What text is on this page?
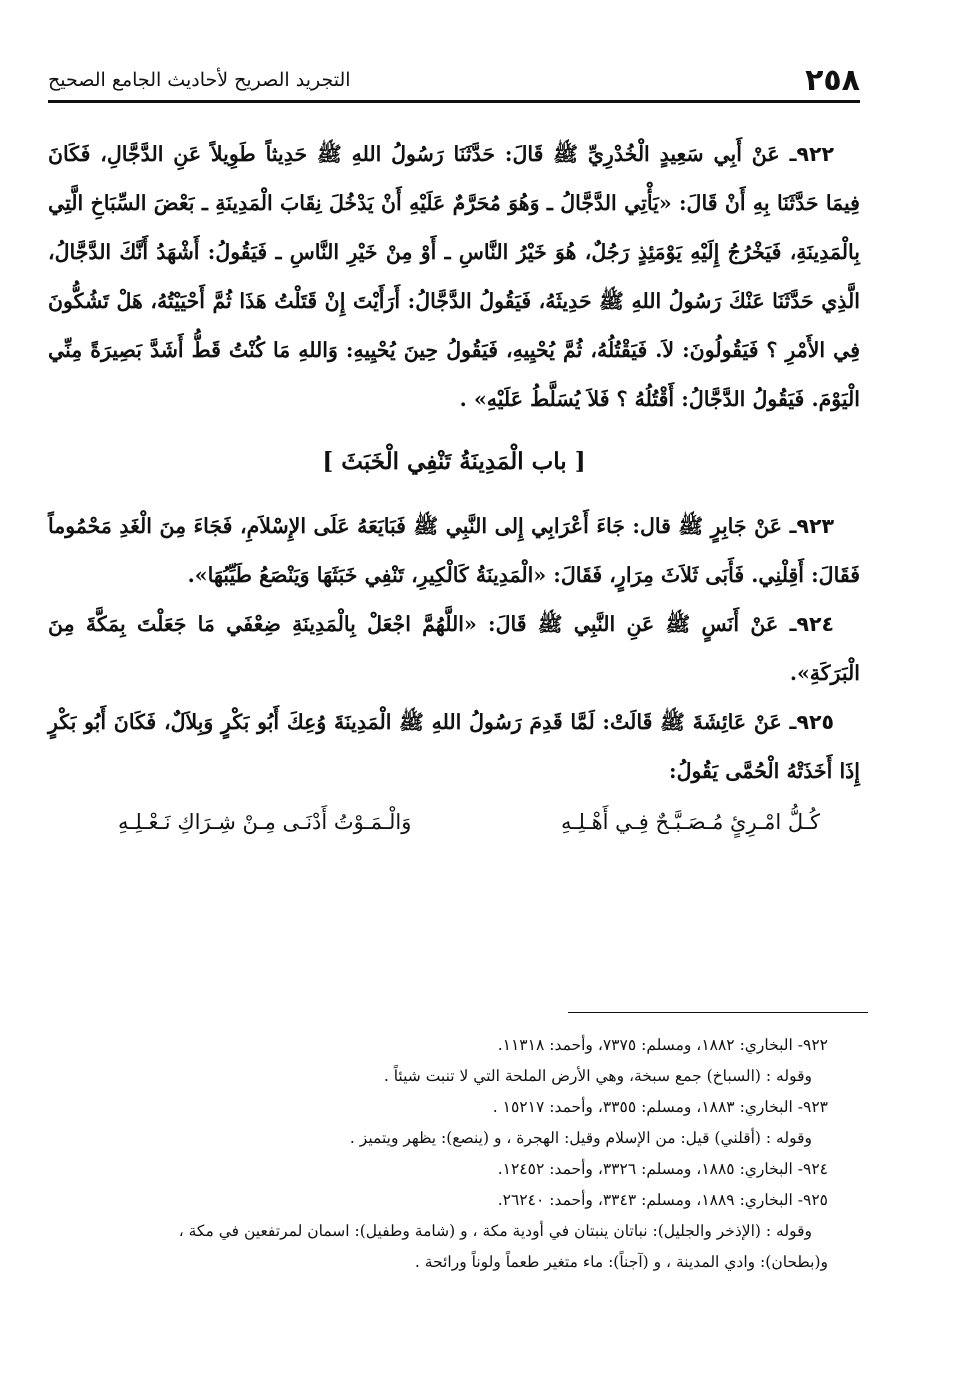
٢٥٨
التجريد الصريح لأحاديث الجامع الصحيح

٩٢٢ـ عَنْ أَبِي سَعِيدٍ الْخُدْرِيِّ ﷺ قَالَ: حَدَّثَنَا رَسُولُ اللهِ ﷺ حَدِيثاً طَوِيلاً عَنِ الدَّجَّالِ، فَكَانَ فِيمَا حَدَّثَنَا بِهِ أَنْ قَالَ: «يَأْتِي الدَّجَّالُ ـ وَهُوَ مُحَرَّمٌ عَلَيْهِ أَنْ يَدْخُلَ نِقَابَ الْمَدِينَةِ ـ بَعْضَ السِّبَاخِ الَّتِي بِالْمَدِينَةِ، فَيَخْرُجُ إِلَيْهِ يَوْمَئِذٍ رَجُلٌ، هُوَ خَيْرُ النَّاسِ ـ أَوْ مِنْ خَيْرِ النَّاسِ ـ فَيَقُولُ: أَشْهَدُ أَنَّكَ الدَّجَّالُ، الَّذِي حَدَّثَنَا عَنْكَ رَسُولُ اللهِ ﷺ حَدِيثَهُ، فَيَقُولُ الدَّجَّالُ: أَرَأَيْتَ إِنْ قَتَلْتُ هَذَا ثُمَّ أَحْيَيْتُهُ، هَلْ تَشُكُّونَ فِي الأَمْرِ ؟ فَيَقُولُونَ: لاَ. فَيَقْتُلُهُ، ثُمَّ يُحْيِيهِ، فَيَقُولُ حِينَ يُحْيِيهِ: وَاللهِ مَا كُنْتُ قَطُّ أَشَدَّ بَصِيرَةً مِنِّي الْيَوْمَ. فَيَقُولُ الدَّجَّالُ: أَقْتُلُهُ ؟ فَلاَ يُسَلَّطُ عَلَيْهِ» .

[ باب الْمَدِينَةُ تَنْفِي الْخَبَثَ ]

٩٢٣ـ عَنْ جَابِرٍ ﷺ قال: جَاءَ أَعْرَابِي إِلى النَّبِي ﷺ فَبَايَعَهُ عَلَى الإِسْلاَمِ، فَجَاءَ مِنَ الْغَدِ مَحْمُوماً فَقَالَ: أَقِلْنِي. فَأَبَى ثَلاَثَ مِرَارٍ، فَقَالَ: «الْمَدِينَةُ كَالْكِيرِ، تَنْفِي خَبَثَهَا وَيَنْصَعُ طَيِّبُهَا».

٩٢٤ـ عَنْ أَنَسٍ ﷺ عَنِ النَّبِي ﷺ قَالَ: «اللَّهُمَّ اجْعَلْ بِالْمَدِينَةِ ضِعْفَي مَا جَعَلْتَ بِمَكَّةَ مِنَ الْبَرَكَةِ».

٩٢٥ـ عَنْ عَائِشَةَ ﷺ قَالَتْ: لَمَّا قَدِمَ رَسُولُ اللهِ ﷺ الْمَدِينَةَ وُعِكَ أَبُو بَكْرٍ وَبِلاَلٌ، فَكَانَ أَبُو بَكْرٍ إِذَا أَخَذَتْهُ الْحُمَّى يَقُولُ:

كُـلُّ امْـرِئٍ مُـصَـبَّـحٌ فِـي أَهْـلِـهِ
وَالْـمَـوْتُ أَدْنَـى مِـنْ شِـرَاكِ نَـعْـلِـهِ

٩٢٢- البخاري: ١٨٨٢، ومسلم: ٧٣٧٥، وأحمد: ١١٣١٨.

وقوله : (السباخ) جمع سبخة، وهي الأرض الملحة التي لا تنبت شيئاً .

٩٢٣- البخاري: ١٨٨٣، ومسلم: ٣٣٥٥، وأحمد: ١٥٢١٧ .

وقوله : (أقلني) قيل: من الإسلام وقيل: الهجرة ، و (ينصع): يظهر ويتميز .

٩٢٤- البخاري: ١٨٨٥، ومسلم: ٣٣٢٦، وأحمد: ١٢٤٥٢.

٩٢٥- البخاري: ١٨٨٩، ومسلم: ٣٣٤٣، وأحمد: ٢٦٢٤٠.

وقوله : (الإذخر والجليل): نباتان ينبتان في أودية مكة ، و (شامة وطفيل): اسمان لمرتفعين في مكة ،

و(بطحان): وادي المدينة ، و (آجناً): ماء متغير طعماً ولوناً ورائحة .
